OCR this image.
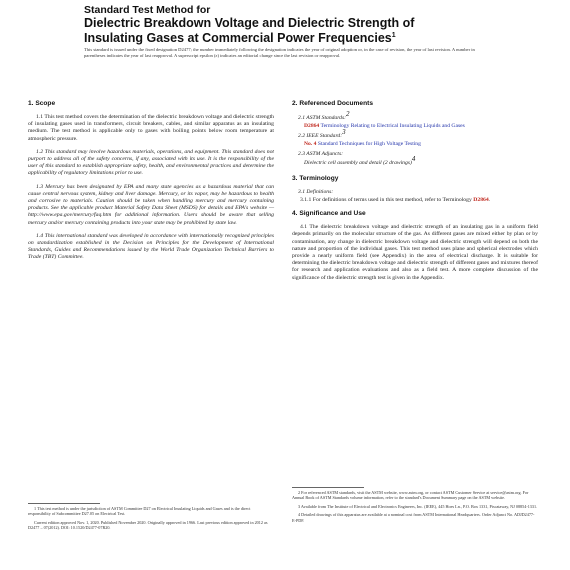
Standard Test Method for
Dielectric Breakdown Voltage and Dielectric Strength of
Insulating Gases at Commercial Power Frequencies$^1$
This standard is issued under the fixed designation D2477; the number immediately following the designation indicates the year of original adoption or, in the case of revision, the year of last revision. A number in parentheses indicates the year of last reapproval. A superscript epsilon (ε) indicates an editorial change since the last revision or reapproval.
1. Scope

1.1 This test method covers the determination of the dielectric breakdown voltage and dielectric strength of insulating gases used in transformers, circuit breakers, cables, and similar apparatus as an insulating medium. The test method is applicable only to gases with boiling points below room temperature at atmospheric pressure.

1.2 This standard may involve hazardous materials, operations, and equipment. This standard does not purport to address all of the safety concerns, if any, associated with its use. It is the responsibility of the user of this standard to establish appropriate safety, health, and environmental practices and determine the applicability of regulatory limitations prior to use.

1.3 Mercury has been designated by EPA and many state agencies as a hazardous material that can cause central nervous system, kidney and liver damage. Mercury, or its vapor, may be hazardous to health and corrosive to materials. Caution should be taken when handling mercury and mercury containing products. See the applicable product Material Safety Data Sheet (MSDS) for details and EPA's website — http://www.epa.gov/mercury/faq.htm for additional information. Users should be aware that selling mercury and/or mercury containing products into your state may be prohibited by state law.

1.4 This international standard was developed in accordance with internationally recognized principles on standardization established in the Decision on Principles for the Development of International Standards, Guides and Recommendations issued by the World Trade Organization Technical Barriers to Trade (TBT) Committee.

1 This test method is under the jurisdiction of ASTM Committee D27 on Electrical Insulating Liquids and Gases and is the direct responsibility of Subcommittee D27.05 on Electrical Test.

Current edition approved Nov. 1, 2020. Published November 2020. Originally approved in 1966. Last previous edition approved in 2012 as D2477 – 07(2012). DOI: 10.1520/D2477-07R20.

2. Referenced Documents
2.1 ASTM Standards:2
D2864 Terminology Relating to Electrical Insulating Liquids and Gases
2.2 IEEE Standard:3
No. 4 Standard Techniques for High Voltage Testing
2.3 ASTM Adjuncts:
Dielectric cell assembly and detail (2 drawings)4
3. Terminology
3.1 Definitions:

3.1.1 For definitions of terms used in this test method, refer to Terminology D2864.

4. Significance and Use

4.1 The dielectric breakdown voltage and dielectric strength of an insulating gas in a uniform field depends primarily on the molecular structure of the gas. As different gases are mixed either by plan or by contamination, any change in dielectric breakdown voltage and dielectric strength will depend on both the nature and proportion of the individual gases. This test method uses plane and spherical electrodes which provide a nearly uniform field (see Appendix) in the area of electrical discharge. It is suitable for determining the dielectric breakdown voltage and dielectric strength of different gases and mixtures thereof for research and application evaluations and also as a field test. A more complete discussion of the significance of the dielectric strength test is given in the Appendix.

2 For referenced ASTM standards, visit the ASTM website, www.astm.org, or contact ASTM Customer Service at service@astm.org. For Annual Book of ASTM Standards volume information, refer to the standard's Document Summary page on the ASTM website.

3 Available from The Institute of Electrical and Electronics Engineers, Inc. (IEEE), 445 Hoes Ln., P.O. Box 1331, Piscataway, NJ 08854-1331.

4 Detailed drawings of this apparatus are available at a nominal cost from ASTM International Headquarters. Order Adjunct No. ADJD2477-E-PDF.
